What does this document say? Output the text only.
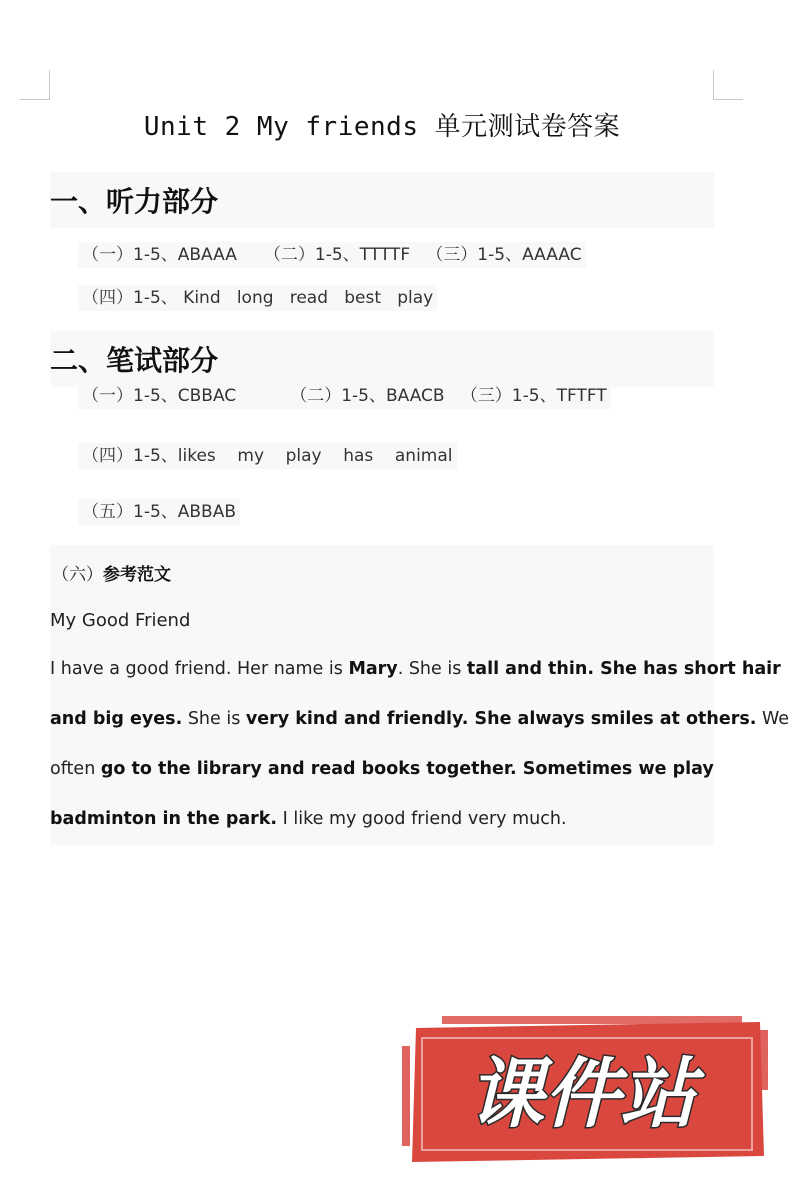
Unit 2 My friends 单元测试卷答案
一、听力部分
（一）1-5、ABAAA     （二）1-5、TTTTF   （三）1-5、AAAAC
（四）1-5、 Kind   long   read   best   play
二、笔试部分
（一）1-5、CBBAC          （二）1-5、BAACB   （三）1-5、TFTFT
（四）1-5、likes    my    play    has    animal
（五）1-5、ABBAB
（六）参考范文
My Good Friend
I have a good friend. Her name is Mary. She is tall and thin. She has short hair
and big eyes. She is very kind and friendly. She always smiles at others. We
often go to the library and read books together. Sometimes we play
badminton in the park. I like my good friend very much.
课件站
